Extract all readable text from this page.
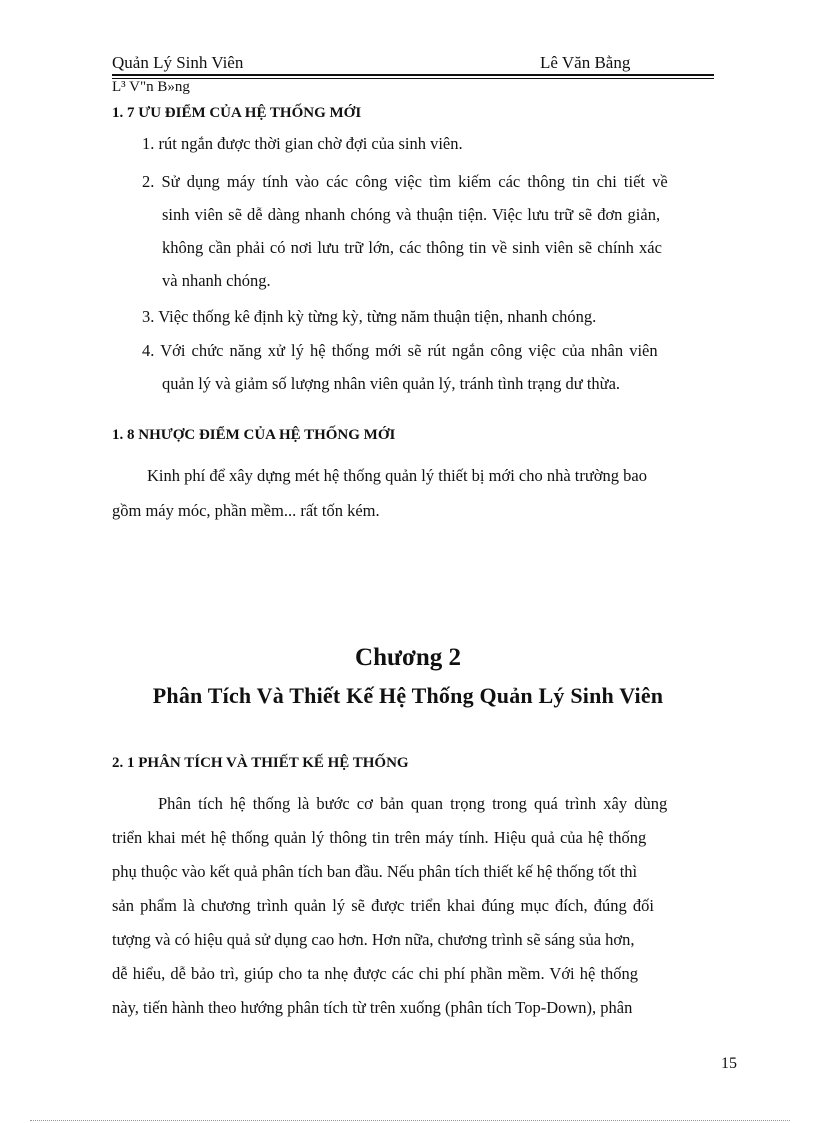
Quản Lý Sinh Viên	Lê Văn Bằng
L³ V"n B»ng
1. 7 ƯU ĐIỂM CỦA HỆ THỐNG MỚI
1. rút ngắn được thời gian chờ đợi của sinh viên.
2. Sử dụng máy tính vào các công việc tìm kiếm các thông tin chi tiết về
sinh viên sẽ dễ dàng nhanh chóng và thuận tiện. Việc lưu trữ sẽ đơn giản,
không cần phải có nơi lưu trữ lớn, các thông tin về sinh viên sẽ chính xác
và nhanh chóng.
3. Việc thống kê định kỳ từng kỳ, từng năm thuận tiện, nhanh chóng.
4. Với chức năng xử lý hệ thống mới sẽ rút ngắn công việc của nhân viên
quản lý và giảm số lượng nhân viên quản lý, tránh tình trạng dư thừa.
1. 8 NHƯỢC ĐIỂM CỦA HỆ THỐNG MỚI
Kinh phí để xây dựng mét hệ thống quản lý thiết bị mới cho nhà trường bao
gồm máy móc, phần mềm... rất tốn kém.
Chương 2
Phân Tích Và Thiết Kế Hệ Thống Quản Lý Sinh Viên
2. 1 PHÂN TÍCH VÀ THIẾT KẾ HỆ THỐNG
Phân tích hệ thống là bước cơ bản quan trọng trong quá trình xây dùng
triển khai mét hệ thống quản lý thông tin trên máy tính. Hiệu quả của hệ thống
phụ thuộc vào kết quả phân tích ban đầu. Nếu phân tích thiết kế hệ thống tốt thì
sản phẩm là chương trình quản lý sẽ được triển khai đúng mục đích, đúng đối
tượng và có hiệu quả sử dụng cao hơn. Hơn nữa, chương trình sẽ sáng sủa hơn,
dễ hiểu, dễ bảo trì, giúp cho ta nhẹ được các chi phí phần mềm. Với hệ thống
này, tiến hành theo hướng phân tích từ trên xuống (phân tích Top-Down), phân
15
